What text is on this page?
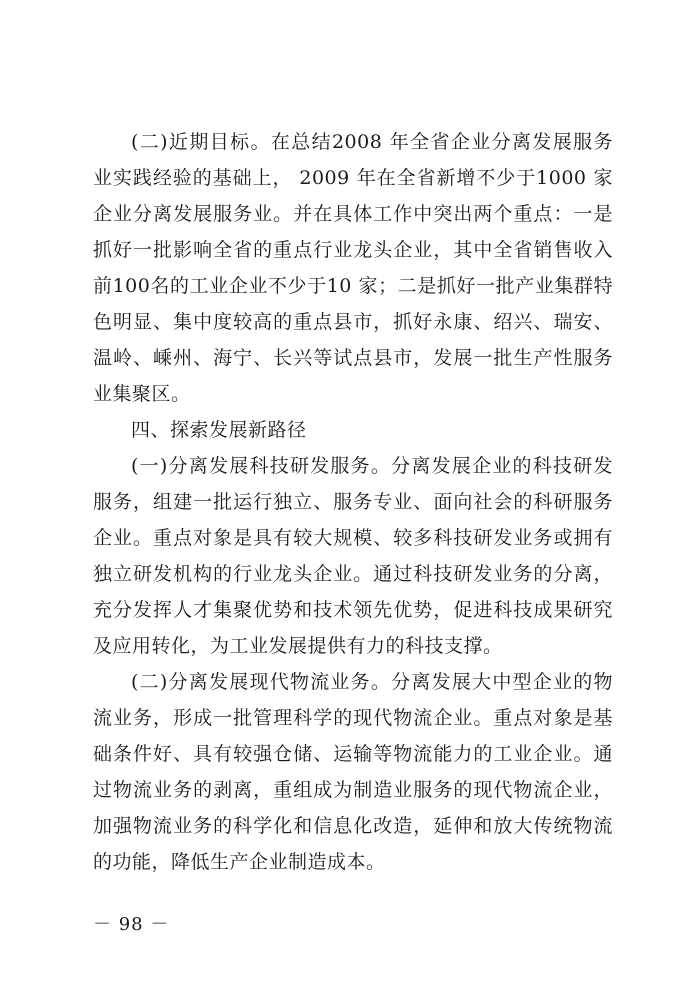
(二)近期目标。在总结2008 年全省企业分离发展服务业实践经验的基础上， 2009 年在全省新增不少于1000 家企业分离发展服务业。并在具体工作中突出两个重点：一是抓好一批影响全省的重点行业龙头企业，其中全省销售收入前100名的工业企业不少于10 家；二是抓好一批产业集群特色明显、集中度较高的重点县市，抓好永康、绍兴、瑞安、温岭、嵊州、海宁、长兴等试点县市，发展一批生产性服务业集聚区。

四、探索发展新路径

(一)分离发展科技研发服务。分离发展企业的科技研发服务，组建一批运行独立、服务专业、面向社会的科研服务企业。重点对象是具有较大规模、较多科技研发业务或拥有独立研发机构的行业龙头企业。通过科技研发业务的分离，充分发挥人才集聚优势和技术领先优势，促进科技成果研究及应用转化，为工业发展提供有力的科技支撑。

(二)分离发展现代物流业务。分离发展大中型企业的物流业务，形成一批管理科学的现代物流企业。重点对象是基础条件好、具有较强仓储、运输等物流能力的工业企业。通过物流业务的剥离，重组成为制造业服务的现代物流企业，加强物流业务的科学化和信息化改造，延伸和放大传统物流的功能，降低生产企业制造成本。

－ 98 －
